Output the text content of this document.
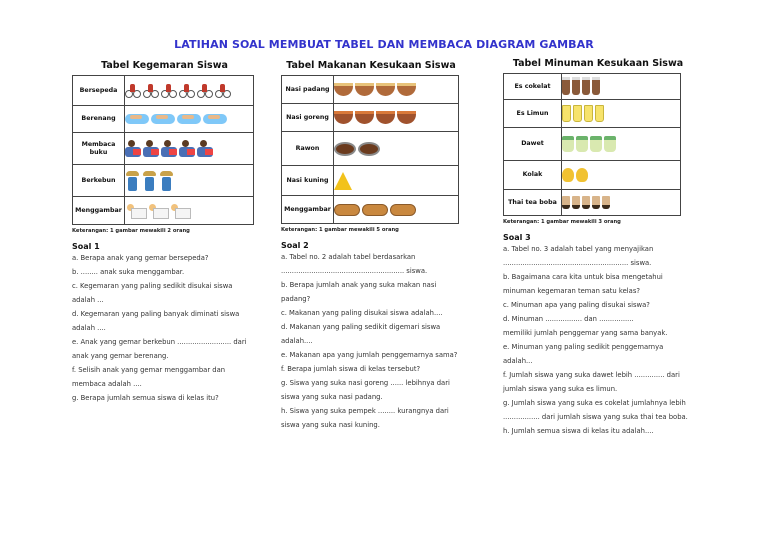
LATIHAN SOAL MEMBUAT TABEL DAN MEMBACA DIAGRAM GAMBAR
Tabel Kegemaran Siswa
Bersepeda	

Berenang	

Membaca buku	

Berkebun	

Menggambar	
Keterangan: 1 gambar mewakili 2 orang
Soal 1
a. Berapa anak yang gemar bersepeda?
b. ........ anak suka menggambar.
c. Kegemaran yang paling sedikit disukai siswa adalah ...
d. Kegemaran yang paling banyak diminati siswa adalah ....
e. Anak yang gemar berkebun ......................... dari anak yang gemar berenang.
f. Selisih anak yang gemar menggambar dan membaca adalah ....
g. Berapa jumlah semua siswa di kelas itu?
Tabel Makanan Kesukaan Siswa
Nasi padang	

Nasi goreng	

Rawon	

Nasi kuning	

Menggambar	
Keterangan: 1 gambar mewakili 5 orang
Soal 2
a. Tabel no. 2 adalah tabel berdasarkan ......................................................... siswa.
b. Berapa jumlah anak yang suka makan nasi padang?
c. Makanan yang paling disukai siswa adalah....
d. Makanan yang paling sedikit digemari siswa adalah....
e. Makanan apa yang jumlah penggemarnya sama?
f. Berapa jumlah siswa di kelas tersebut?
g. Siswa yang suka nasi goreng ...... lebihnya dari siswa yang suka nasi padang.
h. Siswa yang suka pempek ........ kurangnya dari siswa yang suka nasi kuning.
Tabel Minuman Kesukaan Siswa
Es cokelat	

Es Limun	

Dawet	

Kolak	

Thai tea boba	
Keterangan: 1 gambar mewakili 3 orang
Soal 3
a. Tabel no. 3 adalah tabel yang menyajikan .......................................................... siswa.
b. Bagaimana cara kita untuk bisa mengetahui minuman kegemaran teman satu kelas?
c. Minuman apa yang paling disukai siswa?
d. Minuman ................. dan ................
memiliki jumlah penggemar yang sama banyak.
e. Minuman yang paling sedikit penggemarnya adalah...
f. Jumlah siswa yang suka dawet lebih .............. dari jumlah siswa yang suka es limun.
g. Jumlah siswa yang suka es cokelat jumlahnya lebih ................. dari jumlah siswa yang suka thai tea boba.
h. Jumlah semua siswa di kelas itu adalah....
